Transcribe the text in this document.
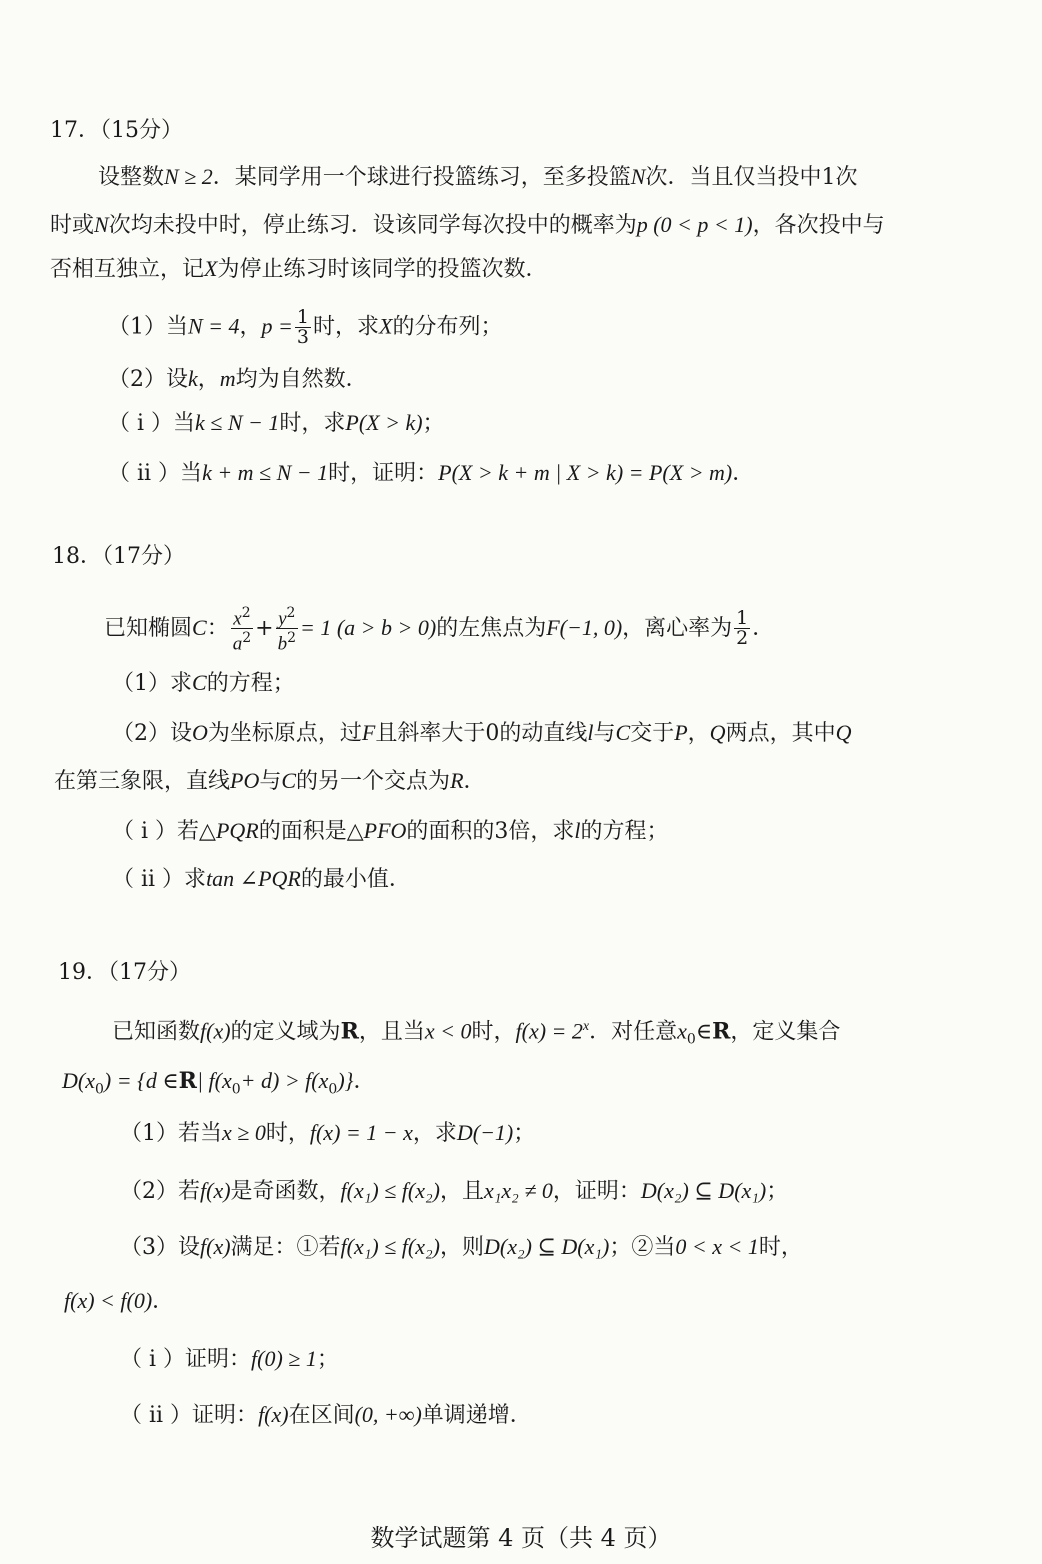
17．（15分）
设整数N ≥ 2．某同学用一个球进行投篮练习，至多投篮N次．当且仅当投中1次
时或N次均未投中时，停止练习．设该同学每次投中的概率为p (0 < p < 1)，各次投中与
否相互独立，记X为停止练习时该同学的投篮次数．
（1）当N = 4，$p = \frac{1}{3}$ 时，求X的分布列；
（2）设k，m均为自然数．
（ i ）当k ≤ N − 1时，求P(X > k)；
（ ii ）当k + m ≤ N − 1时，证明：P(X > k + m | X > k) = P(X > m)．
18．（17分）
已知椭圆C： $\frac{x^2}{a^2} + \frac{y^2}{b^2} = 1$ (a > b > 0)的左焦点为F(−1, 0)，离心率为 $\frac{1}{2}$ ．
（1）求C的方程；
（2）设O为坐标原点，过F且斜率大于0的动直线l与C交于P，Q两点，其中Q
在第三象限，直线PO与C的另一个交点为R．
（ i ）若△PQR的面积是△PFO的面积的3倍，求l的方程；
（ ii ）求tan ∠PQR的最小值．
19．（17分）
已知函数f(x)的定义域为R，且当x < 0时，$f(x) = 2^x$．对任意$x_0\in R$，定义集合
$D(x_0) = \{d$ ∈R| $f(x_0+ d) > f(x_0)$}．
（1）若当x ≥ 0时，f(x) = 1 − x，求D(−1)；
（2）若f(x)是奇函数，f(x₁) ≤ f(x₂)，且x₁x₂ ≠ 0，证明：D(x₂) ⊆ D(x₁)；
（3）设f(x)满足：①若f(x₁) ≤ f(x₂)，则D(x₂) ⊆ D(x₁)；②当0 < x < 1时，
f(x) < f(0)．
（ i ）证明：f(0) ≥ 1；
（ ii ）证明：f(x)在区间(0, +∞)单调递增．
数学试题第 4 页（共 4 页）
